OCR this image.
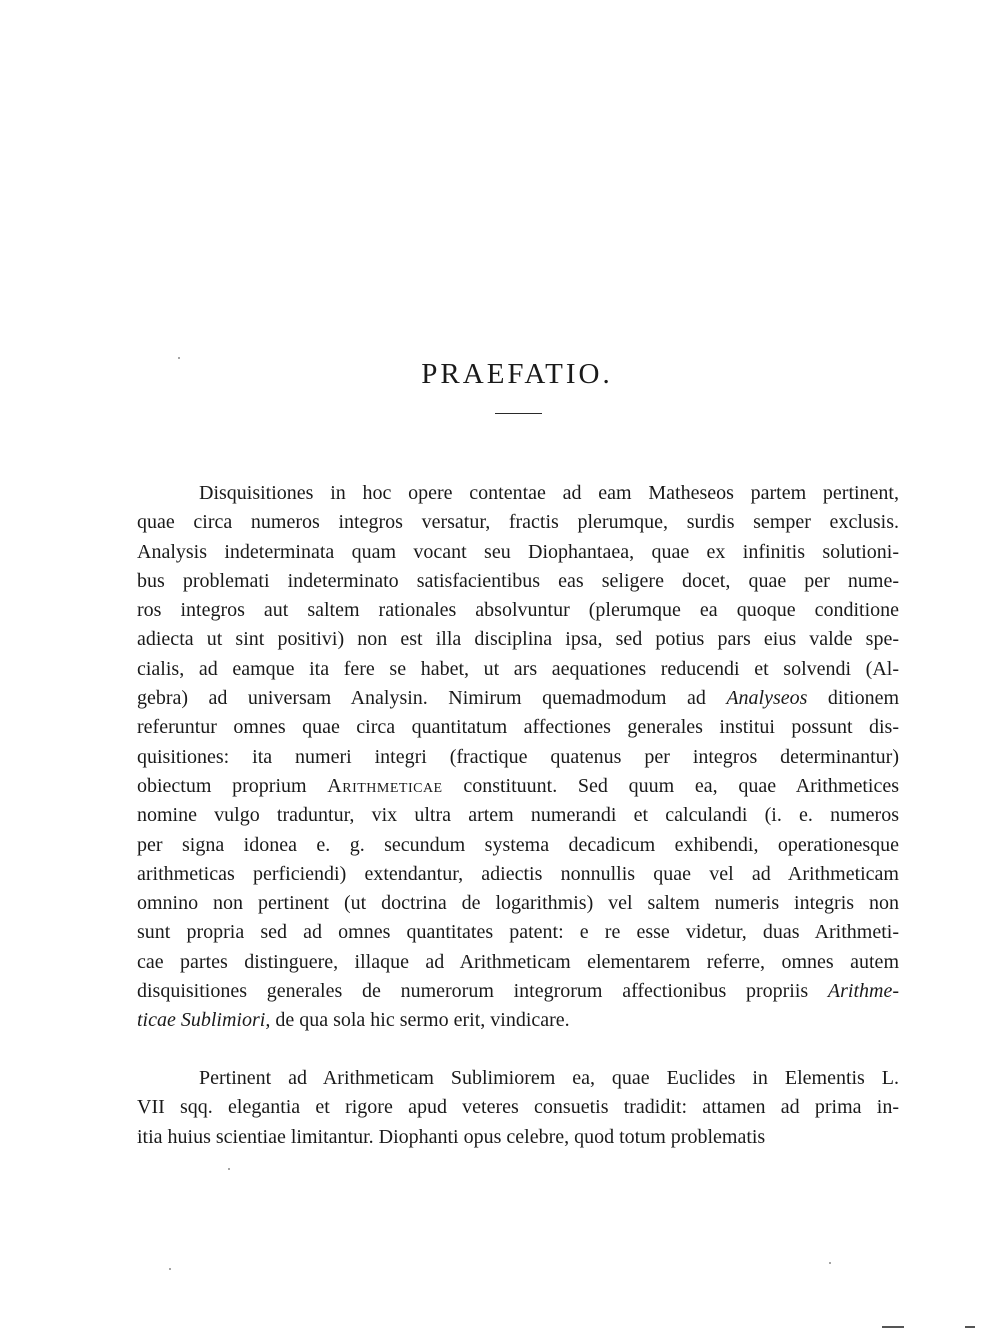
PRAEFATIO.
Disquisitiones in hoc opere contentae ad eam Matheseos partem pertinent,
quae circa numeros integros versatur, fractis plerumque, surdis semper exclusis.
Analysis indeterminata quam vocant seu Diophantaea, quae ex infinitis solutioni-
bus problemati indeterminato satisfacientibus eas seligere docet, quae per nume-
ros integros aut saltem rationales absolvuntur (plerumque ea quoque conditione
adiecta ut sint positivi) non est illa disciplina ipsa, sed potius pars eius valde spe-
cialis, ad eamque ita fere se habet, ut ars aequationes reducendi et solvendi (Al-
gebra) ad universam Analysin. Nimirum quemadmodum ad Analyseos ditionem
referuntur omnes quae circa quantitatum affectiones generales institui possunt dis-
quisitiones: ita numeri integri (fractique quatenus per integros determinantur)
obiectum proprium Arithmeticae constituunt. Sed quum ea, quae Arithmetices
nomine vulgo traduntur, vix ultra artem numerandi et calculandi (i. e. numeros
per signa idonea e. g. secundum systema decadicum exhibendi, operationesque
arithmeticas perficiendi) extendantur, adiectis nonnullis quae vel ad Arithmeticam
omnino non pertinent (ut doctrina de logarithmis) vel saltem numeris integris non
sunt propria sed ad omnes quantitates patent: e re esse videtur, duas Arithmeti-
cae partes distinguere, illaque ad Arithmeticam elementarem referre, omnes autem
disquisitiones generales de numerorum integrorum affectionibus propriis Arithme-
ticae Sublimiori, de qua sola hic sermo erit, vindicare.
Pertinent ad Arithmeticam Sublimiorem ea, quae Euclides in Elementis L.
VII sqq. elegantia et rigore apud veteres consuetis tradidit: attamen ad prima in-
itia huius scientiae limitantur. Diophanti opus celebre, quod totum problematis
